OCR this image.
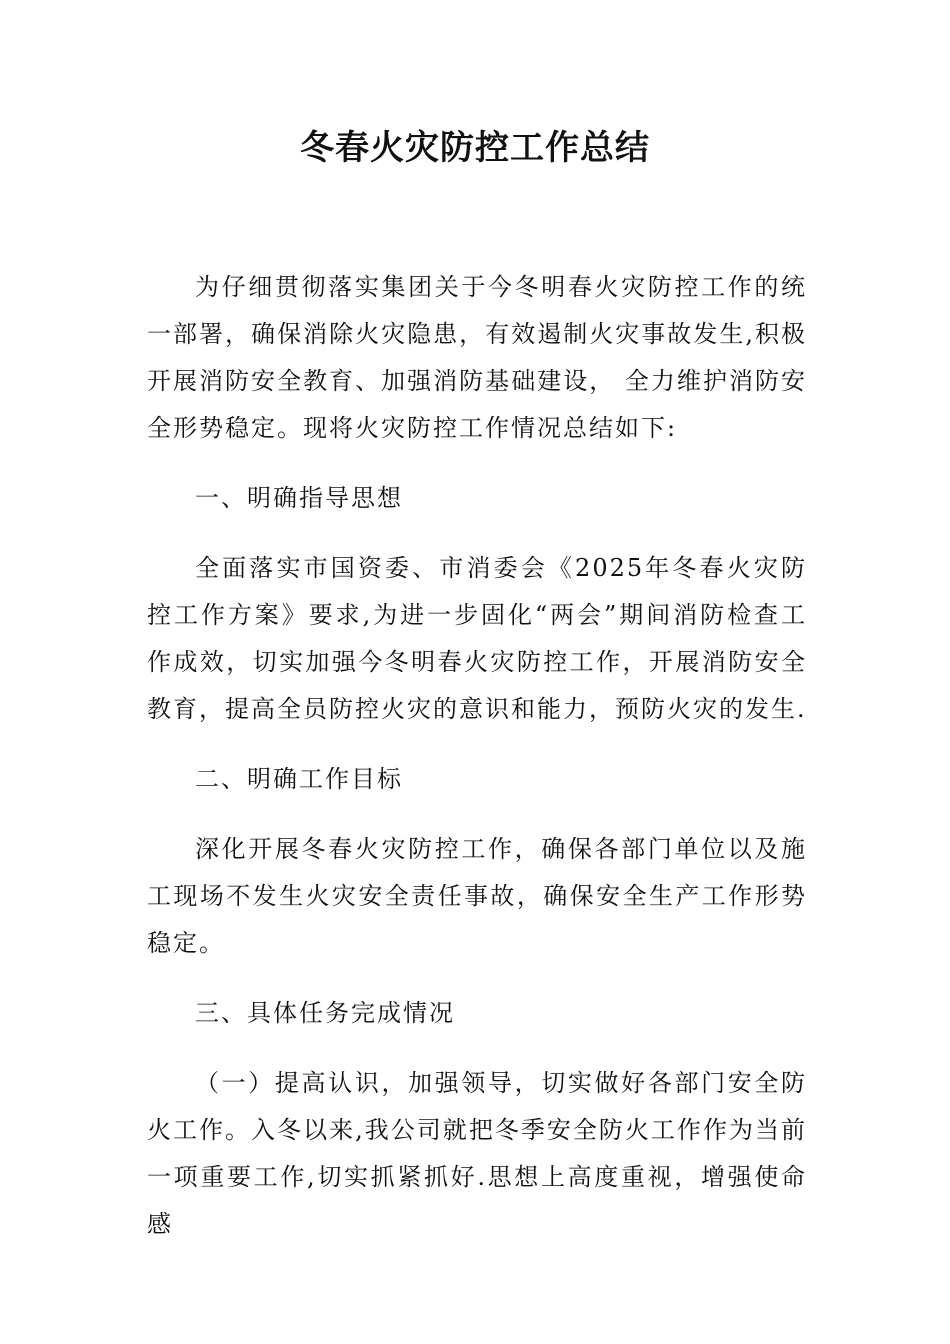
冬春火灾防控工作总结

为仔细贯彻落实集团关于今冬明春火灾防控工作的统一部署，确保消除火灾隐患，有效遏制火灾事故发生,积极开展消防安全教育、加强消防基础建设， 全力维护消防安全形势稳定。现将火灾防控工作情况总结如下:

一、明确指导思想

全面落实市国资委、市消委会《2025年冬春火灾防控工作方案》要求,为进一步固化“两会”期间消防检查工作成效，切实加强今冬明春火灾防控工作，开展消防安全教育，提高全员防控火灾的意识和能力，预防火灾的发生.

二、明确工作目标

深化开展冬春火灾防控工作，确保各部门单位以及施工现场不发生火灾安全责任事故，确保安全生产工作形势稳定。

三、具体任务完成情况

（一）提高认识，加强领导，切实做好各部门安全防火工作。入冬以来,我公司就把冬季安全防火工作作为当前一项重要工作,切实抓紧抓好.思想上高度重视，增强使命感
